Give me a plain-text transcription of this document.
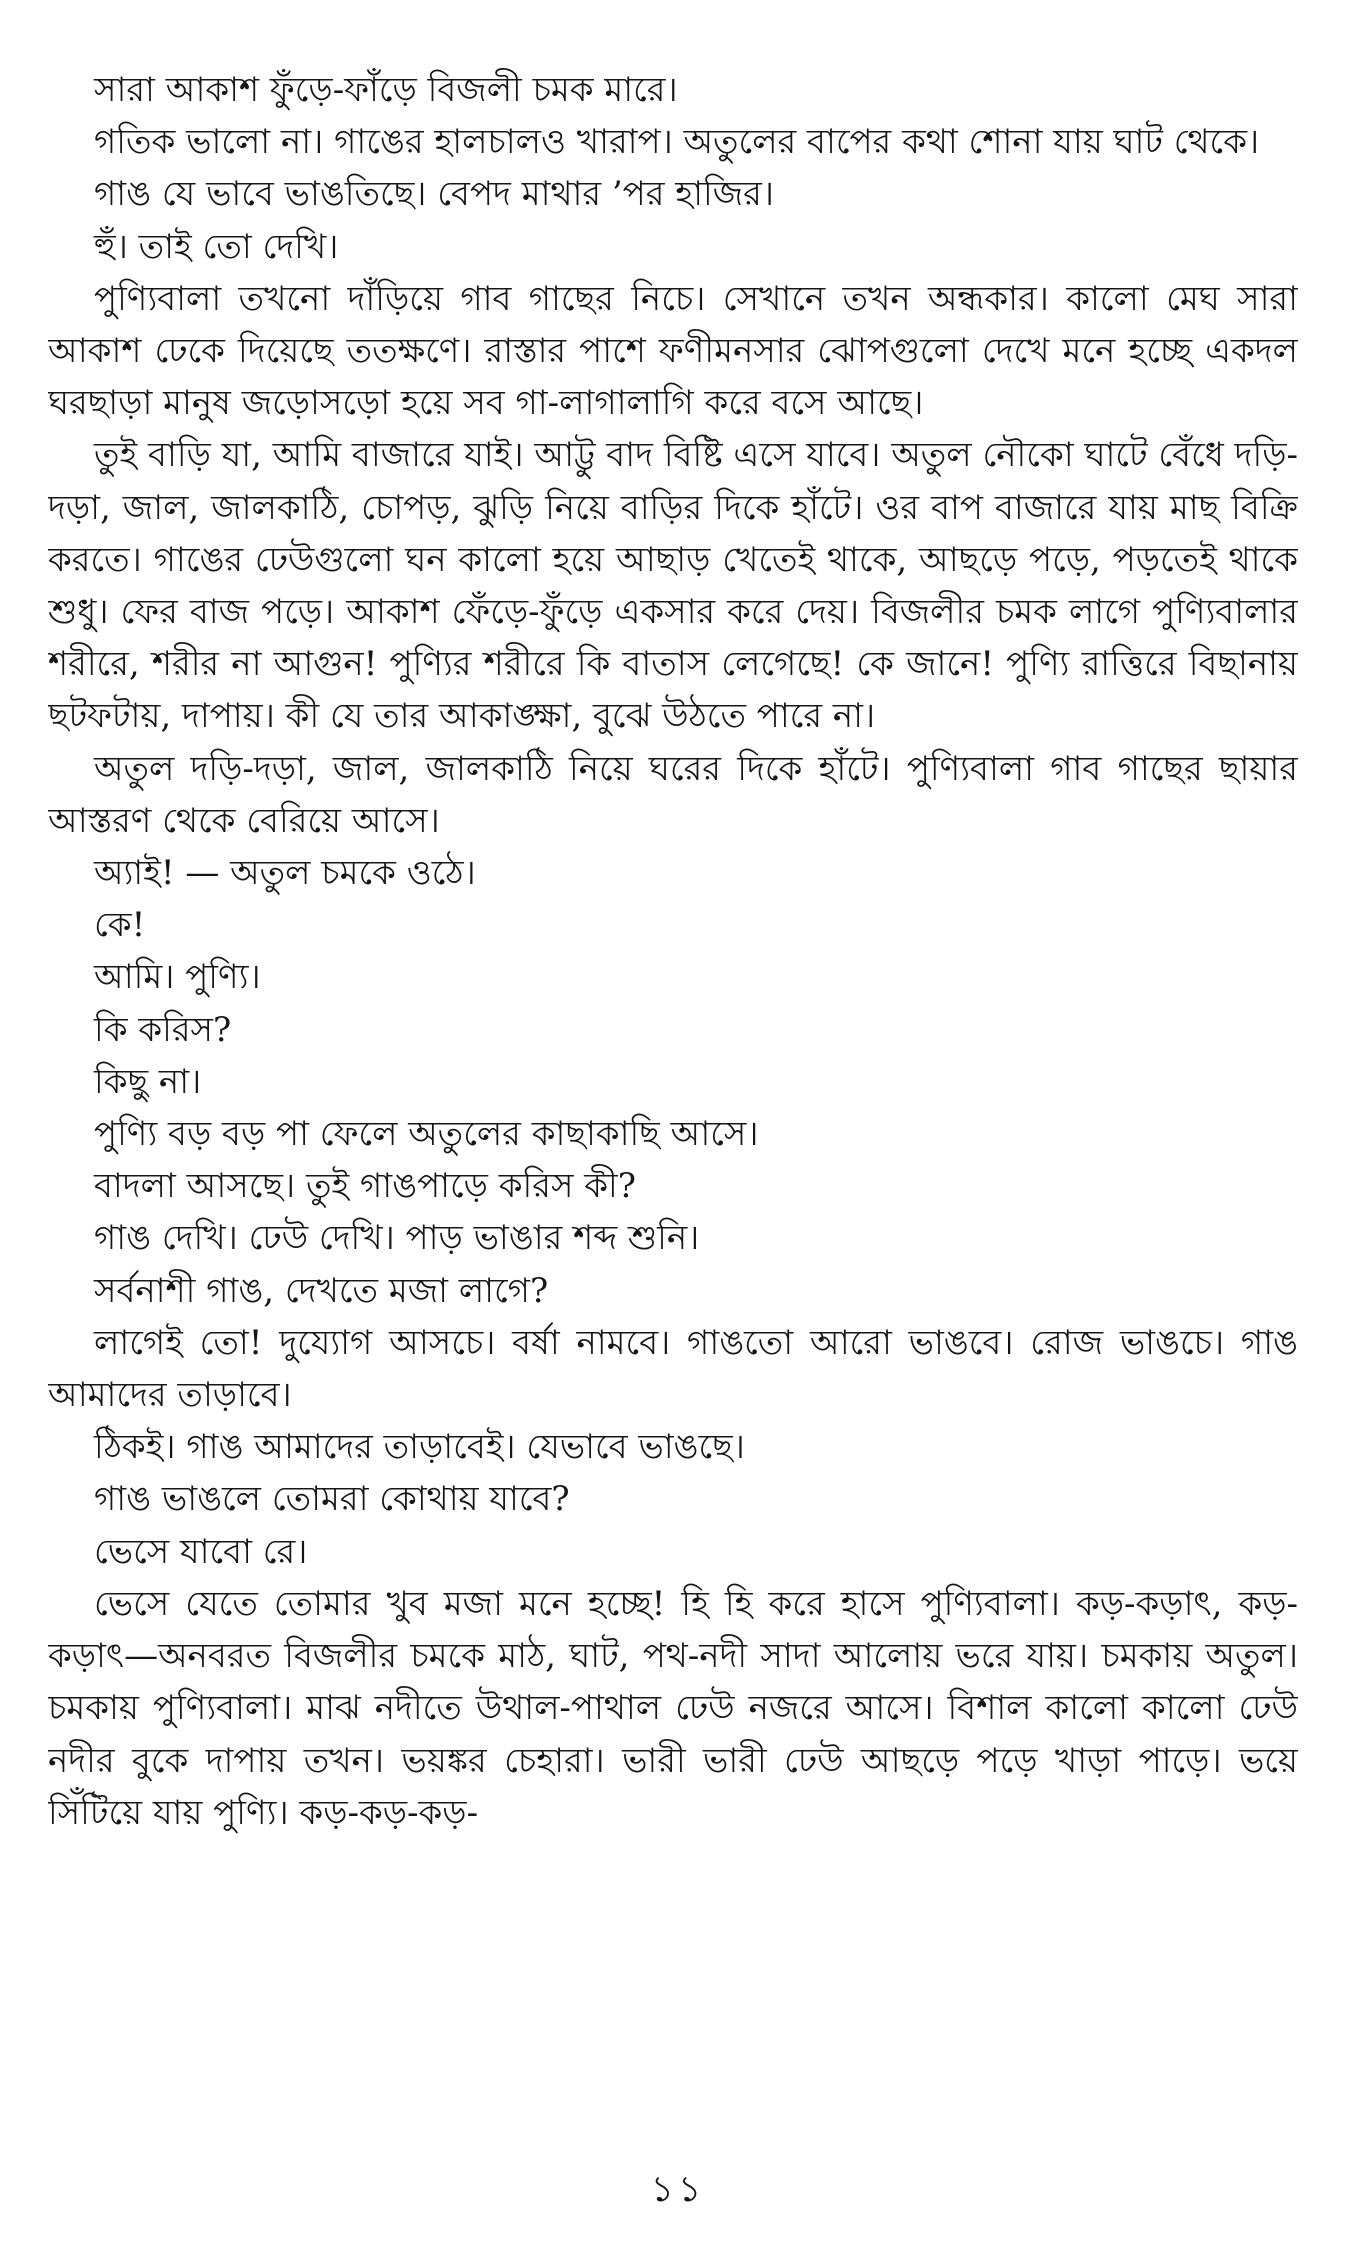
সারা আকাশ ফুঁড়ে-ফাঁড়ে বিজলী চমক মারে।

গতিক ভালো না। গাঙের হালচালও খারাপ। অতুলের বাপের কথা শোনা যায় ঘাট থেকে।

গাঙ যে ভাবে ভাঙতিছে। বেপদ মাথার ’পর হাজির।

হুঁ। তাই তো দেখি।

পুণ্যিবালা তখনো দাঁড়িয়ে গাব গাছের নিচে। সেখানে তখন অন্ধকার। কালো মেঘ সারা আকাশ ঢেকে দিয়েছে ততক্ষণে। রাস্তার পাশে ফণীমনসার ঝোপগুলো দেখে মনে হচ্ছে একদল ঘরছাড়া মানুষ জড়োসড়ো হয়ে সব গা-লাগালাগি করে বসে আছে।

তুই বাড়ি যা, আমি বাজারে যাই। আট্টু বাদ বিষ্টি এসে যাবে। অতুল নৌকো ঘাটে বেঁধে দড়ি-দড়া, জাল, জালকাঠি, চোপড়, ঝুড়ি নিয়ে বাড়ির দিকে হাঁটে। ওর বাপ বাজারে যায় মাছ বিক্রি করতে। গাঙের ঢেউগুলো ঘন কালো হয়ে আছাড় খেতেই থাকে, আছড়ে পড়ে, পড়তেই থাকে শুধু। ফের বাজ পড়ে। আকাশ ফেঁড়ে-ফুঁড়ে একসার করে দেয়। বিজলীর চমক লাগে পুণ্যিবালার শরীরে, শরীর না আগুন! পুণ্যির শরীরে কি বাতাস লেগেছে! কে জানে! পুণ্যি রাত্তিরে বিছানায় ছটফটায়, দাপায়। কী যে তার আকাঙ্ক্ষা, বুঝে উঠতে পারে না।

অতুল দড়ি-দড়া, জাল, জালকাঠি নিয়ে ঘরের দিকে হাঁটে। পুণ্যিবালা গাব গাছের ছায়ার আস্তরণ থেকে বেরিয়ে আসে।

অ্যাই! — অতুল চমকে ওঠে।

কে!

আমি। পুণ্যি।

কি করিস?

কিছু না।

পুণ্যি বড় বড় পা ফেলে অতুলের কাছাকাছি আসে।

বাদলা আসছে। তুই গাঙপাড়ে করিস কী?

গাঙ দেখি। ঢেউ দেখি। পাড় ভাঙার শব্দ শুনি।

সর্বনাশী গাঙ, দেখতে মজা লাগে?

লাগেই তো! দুয্যোগ আসচে। বর্ষা নামবে। গাঙতো আরো ভাঙবে। রোজ ভাঙচে। গাঙ আমাদের তাড়াবে।

ঠিকই। গাঙ আমাদের তাড়াবেই। যেভাবে ভাঙছে।

গাঙ ভাঙলে তোমরা কোথায় যাবে?

ভেসে যাবো রে।

ভেসে যেতে তোমার খুব মজা মনে হচ্ছে! হি হি করে হাসে পুণ্যিবালা। কড়-কড়াৎ, কড়-কড়াৎ—অনবরত বিজলীর চমকে মাঠ, ঘাট, পথ-নদী সাদা আলোয় ভরে যায়। চমকায় অতুল। চমকায় পুণ্যিবালা। মাঝ নদীতে উথাল-পাথাল ঢেউ নজরে আসে। বিশাল কালো কালো ঢেউ নদীর বুকে দাপায় তখন। ভয়ঙ্কর চেহারা। ভারী ভারী ঢেউ আছড়ে পড়ে খাড়া পাড়ে। ভয়ে সিঁটিয়ে যায় পুণ্যি। কড়-কড়-কড়-

১১
